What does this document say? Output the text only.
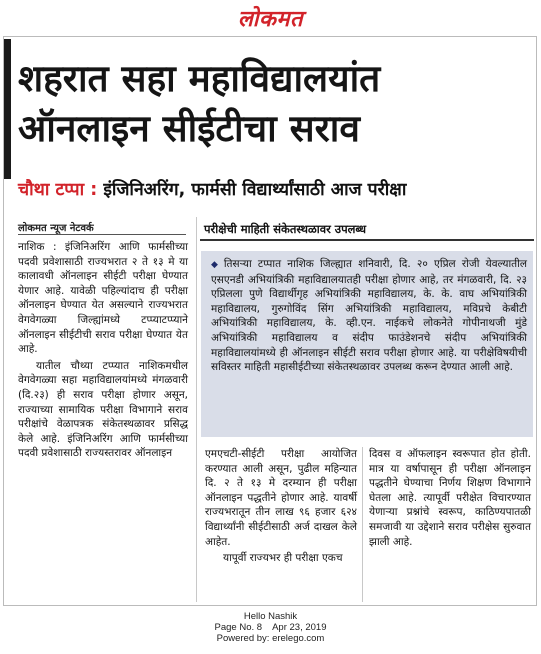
लोकमत
शहरात सहा महाविद्यालयांत
ऑनलाइन सीईटीचा सराव
चौथा टप्पा : इंजिनिअरिंग, फार्मसी विद्यार्थ्यांसाठी आज परीक्षा
लोकमत न्यूज नेटवर्क

नाशिक : इंजिनिअरिंग आणि फार्मसीच्या पदवी प्रवेशासाठी राज्यभरात २ ते १३ मे या कालावधी ऑनलाइन सीईटी परीक्षा घेण्यात येणार आहे. यावेळी पहिल्यांदाच ही परीक्षा ऑनलाइन घेण्यात येत असल्याने राज्यभरात वेगवेगळ्या जिल्ह्यांमध्ये टप्प्याटप्प्याने ऑनलाइन सीईटीची सराव परीक्षा घेण्यात येत आहे.

यातील चौथ्या टप्प्यात नाशिकमधील वेगवेगळ्या सहा महाविद्यालयांमध्ये मंगळवारी (दि.२३) ही सराव परीक्षा होणार असून, राज्याच्या सामायिक परीक्षा विभागाने सराव परीक्षांचे वेळापत्रक संकेतस्थळावर प्रसिद्ध केले आहे. इंजिनिअरिंग आणि फार्मसीच्या पदवी प्रवेशासाठी राज्यस्तरावर ऑनलाइन

परीक्षेची माहिती संकेतस्थळावर उपलब्ध
◆ तिसऱ्या टप्पात नाशिक जिल्ह्यात शनिवारी, दि. २० एप्रिल रोजी येवल्यातील एसएनडी अभियांत्रिकी महाविद्यालयातही परीक्षा होणार आहे, तर मंगळवारी, दि. २३ एप्रिलला पुणे विद्यार्थीगृह अभियांत्रिकी महाविद्यालय, के. के. वाघ अभियांत्रिकी महाविद्यालय, गुरुगोविंद सिंग अभियांत्रिकी महाविद्यालय, मविप्रचे केबीटी अभियांत्रिकी महाविद्यालय, के. व्ही.एन. नाईकचे लोकनेते गोपीनाथजी मुंडे अभियांत्रिकी महाविद्यालय व संदीप फाउंडेशनचे संदीप अभियांत्रिकी महाविद्यालयांमध्ये ही ऑनलाइन सीईटी सराव परीक्षा होणार आहे. या परीक्षेविषयीची सविस्तर माहिती महासीईटीच्या संकेतस्थळावर उपलब्ध करून देण्यात आली आहे.

एमएचटी-सीईटी परीक्षा आयोजित करण्यात आली असून, पुढील महिन्यात दि. २ ते १३ मे दरम्यान ही परीक्षा ऑनलाइन पद्धतीने होणार आहे. यावर्षी राज्यभरातून तीन लाख ९६ हजार ६२४ विद्यार्थ्यांनी सीईटीसाठी अर्ज दाखल केले आहेत.

यापूर्वी राज्यभर ही परीक्षा एकच

दिवस व ऑफलाइन स्वरूपात होत होती. मात्र या वर्षापासून ही परीक्षा ऑनलाइन पद्धतीने घेण्याचा निर्णय शिक्षण विभागाने घेतला आहे. त्यापूर्वी परीक्षेत विचारण्यात येणाऱ्या प्रश्नांचे स्वरूप, काठिण्यपातळी समजावी या उद्देशाने सराव परीक्षेस सुरुवात झाली आहे.

Hello Nashik
Page No. 8    Apr 23, 2019
Powered by: erelego.com
